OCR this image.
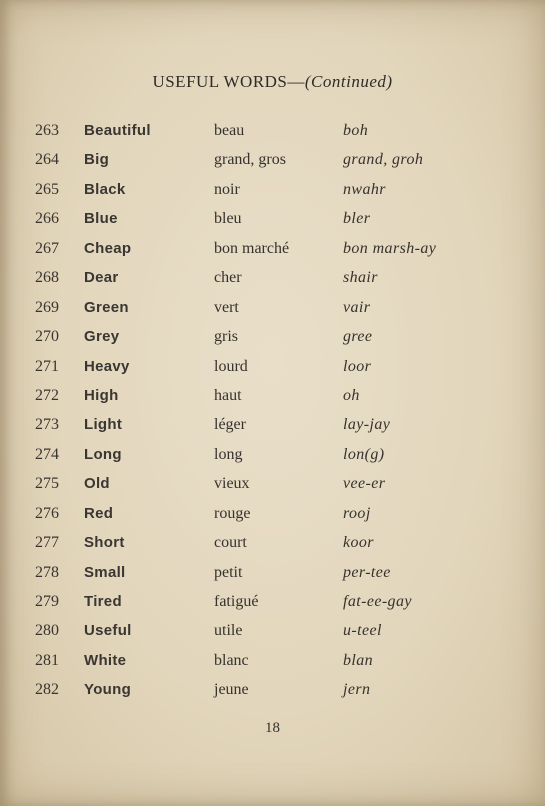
USEFUL WORDS—(Continued)
263	Beautiful	beau	boh
264	Big	grand, gros	grand, groh
265	Black	noir	nwahr
266	Blue	bleu	bler
267	Cheap	bon marché	bon marsh-ay
268	Dear	cher	shair
269	Green	vert	vair
270	Grey	gris	gree
271	Heavy	lourd	loor
272	High	haut	oh
273	Light	léger	lay-jay
274	Long	long	lon(g)
275	Old	vieux	vee-er
276	Red	rouge	rooj
277	Short	court	koor
278	Small	petit	per-tee
279	Tired	fatigué	fat-ee-gay
280	Useful	utile	u-teel
281	White	blanc	blan
282	Young	jeune	jern
18
